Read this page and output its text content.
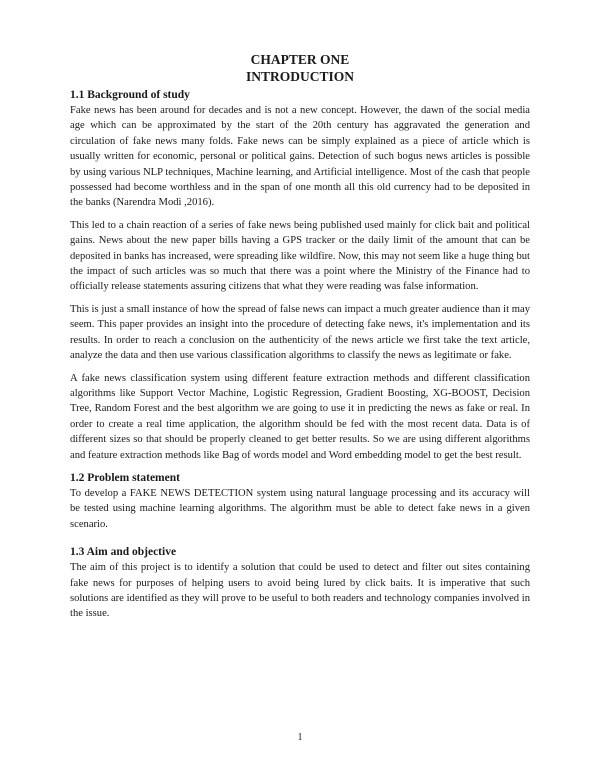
CHAPTER ONE
INTRODUCTION
1.1 Background of study

Fake news has been around for decades and is not a new concept. However, the dawn of the social media age which can be approximated by the start of the 20th century has aggravated the generation and circulation of fake news many folds. Fake news can be simply explained as a piece of article which is usually written for economic, personal or political gains. Detection of such bogus news articles is possible by using various NLP techniques, Machine learning, and Artificial intelligence. Most of the cash that people possessed had become worthless and in the span of one month all this old currency had to be deposited in the banks (Narendra Modi ,2016).

This led to a chain reaction of a series of fake news being published used mainly for click bait and political gains. News about the new paper bills having a GPS tracker or the daily limit of the amount that can be deposited in banks has increased, were spreading like wildfire. Now, this may not seem like a huge thing but the impact of such articles was so much that there was a point where the Ministry of the Finance had to officially release statements assuring citizens that what they were reading was false information.

This is just a small instance of how the spread of false news can impact a much greater audience than it may seem. This paper provides an insight into the procedure of detecting fake news, it's implementation and its results. In order to reach a conclusion on the authenticity of the news article we first take the text article, analyze the data and then use various classification algorithms to classify the news as legitimate or fake.

A fake news classification system using different feature extraction methods and different classification algorithms like Support Vector Machine, Logistic Regression, Gradient Boosting, XG-BOOST, Decision Tree, Random Forest and the best algorithm we are going to use it in predicting the news as fake or real. In order to create a real time application, the algorithm should be fed with the most recent data. Data is of different sizes so that should be properly cleaned to get better results. So we are using different algorithms and feature extraction methods like Bag of words model and Word embedding model to get the best result.

1.2 Problem statement

To develop a FAKE NEWS DETECTION system using natural language processing and its accuracy will be tested using machine learning algorithms. The algorithm must be able to detect fake news in a given scenario.

1.3 Aim and objective

The aim of this project is to identify a solution that could be used to detect and filter out sites containing fake news for purposes of helping users to avoid being lured by click baits. It is imperative that such solutions are identified as they will prove to be useful to both readers and technology companies involved in the issue.

1
